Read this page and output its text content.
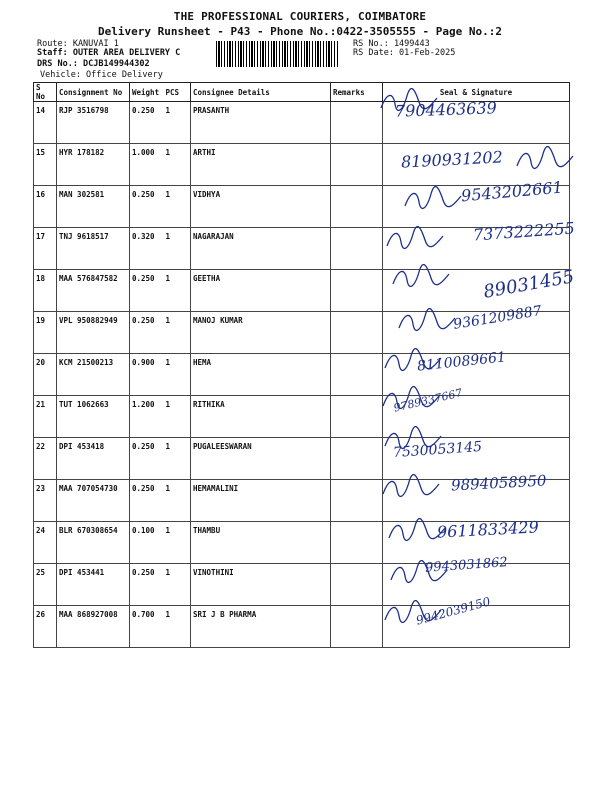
THE PROFESSIONAL COURIERS, COIMBATORE
Delivery Runsheet - P43 - Phone No.:0422-3505555 - Page No.:2
Route: KANUVAI 1
Staff: OUTER AREA DELIVERY C
DRS No.: DCJB149944302
Vehicle: Office Delivery
RS No.: 1499443
RS Date: 01-Feb-2025
S No	Consignment No	Weight	PCS	Consignee Details	Remarks	Seal & Signature
14	RJP 3516798	0.250	1	PRASANTH		7904463639

15	HYR 178182	1.000	1	ARTHI		8190931202

16	MAN 302581	0.250	1	VIDHYA		9543202661

17	TNJ 9618517	0.320	1	NAGARAJAN		7373222255

18	MAA 576847582	0.250	1	GEETHA		89031455

19	VPL 950882949	0.250	1	MANOJ KUMAR		9361209887

20	KCM 21500213	0.900	1	HEMA		8110089661

21	TUT 1062663	1.200	1	RITHIKA		9789337667

22	DPI 453418	0.250	1	PUGALEESWARAN		7530053145

23	MAA 707054730	0.250	1	HEMAMALINI		9894058950

24	BLR 670308654	0.100	1	THAMBU		9611833429

25	DPI 453441	0.250	1	VINOTHINI		9943031862

26	MAA 868927008	0.700	1	SRI J B PHARMA		9942039150
